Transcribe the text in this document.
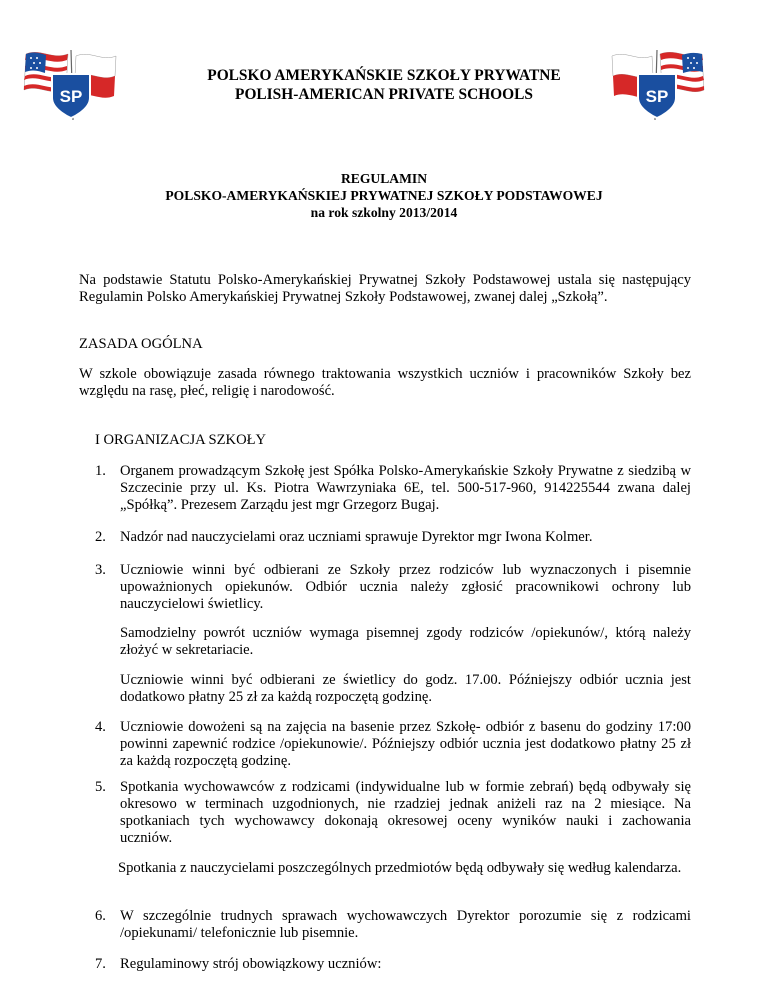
SP	SP
POLSKO AMERYKAŃSKIE SZKOŁY PRYWATNE
POLISH-AMERICAN PRIVATE SCHOOLS
REGULAMIN
POLSKO-AMERYKAŃSKIEJ PRYWATNEJ SZKOŁY PODSTAWOWEJ
na rok szkolny 2013/2014
Na podstawie Statutu Polsko-Amerykańskiej Prywatnej Szkoły Podstawowej ustala się następujący Regulamin Polsko Amerykańskiej Prywatnej Szkoły Podstawowej, zwanej dalej „Szkołą”.
ZASADA OGÓLNA
W szkole obowiązuje zasada równego traktowania wszystkich uczniów i pracowników Szkoły bez względu na rasę, płeć, religię i narodowość.
I ORGANIZACJA SZKOŁY
1. Organem prowadzącym Szkołę jest Spółka Polsko-Amerykańskie Szkoły Prywatne z siedzibą w Szczecinie przy ul. Ks. Piotra Wawrzyniaka 6E, tel. 500-517-960, 914225544 zwana dalej „Spółką”. Prezesem Zarządu jest mgr Grzegorz Bugaj.
2. Nadzór nad nauczycielami oraz uczniami sprawuje Dyrektor mgr Iwona Kolmer.
3. Uczniowie winni być odbierani ze Szkoły przez rodziców lub wyznaczonych i pisemnie upoważnionych opiekunów. Odbiór ucznia należy zgłosić pracownikowi ochrony lub nauczycielowi świetlicy.
Samodzielny powrót uczniów wymaga pisemnej zgody rodziców /opiekunów/, którą należy złożyć w sekretariacie.
Uczniowie winni być odbierani ze świetlicy do godz. 17.00. Późniejszy odbiór ucznia jest dodatkowo płatny 25 zł za każdą rozpoczętą godzinę.
4. Uczniowie dowożeni są na zajęcia na basenie przez Szkołę- odbiór z basenu do godziny 17:00 powinni zapewnić rodzice /opiekunowie/. Późniejszy odbiór ucznia jest dodatkowo płatny 25 zł za każdą rozpoczętą godzinę.
5. Spotkania wychowawców z rodzicami (indywidualne lub w formie zebrań) będą odbywały się okresowo w terminach uzgodnionych, nie rzadziej jednak aniżeli raz na 2 miesiące. Na spotkaniach tych wychowawcy dokonają okresowej oceny wyników nauki i zachowania uczniów.
Spotkania z nauczycielami poszczególnych przedmiotów będą odbywały się według kalendarza.
6. W szczególnie trudnych sprawach wychowawczych Dyrektor porozumie się z rodzicami /opiekunami/ telefonicznie lub pisemnie.
7. Regulaminowy strój obowiązkowy uczniów:
